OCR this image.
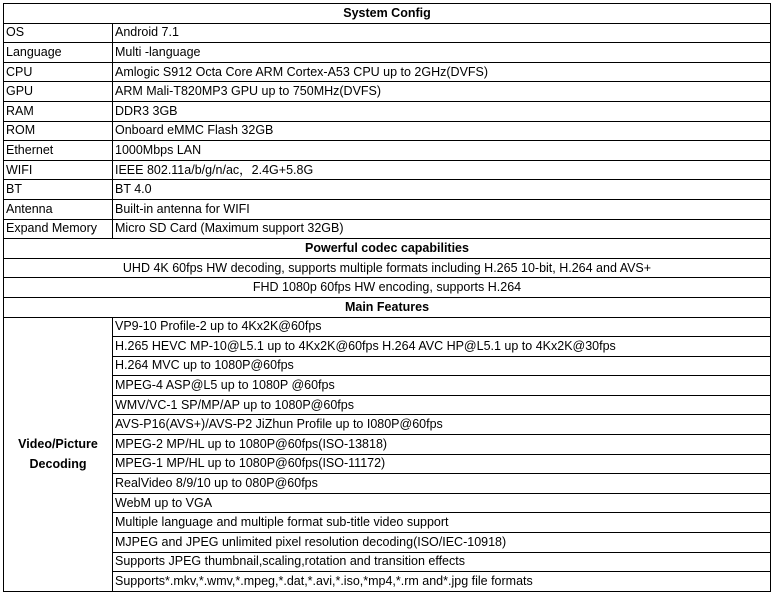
System Config	
OS	Android 7.1
Language	Multi -language
CPU	Amlogic S912 Octa Core ARM Cortex-A53 CPU up to 2GHz(DVFS)
GPU	ARM Mali-T820MP3 GPU up to 750MHz(DVFS)
RAM	DDR3 3GB
ROM	Onboard eMMC Flash 32GB
Ethernet	1000Mbps LAN
WIFI	IEEE 802.11a/b/g/n/ac，2.4G+5.8G
BT	BT 4.0
Antenna	Built-in antenna for WIFI
Expand Memory	Micro SD Card (Maximum support 32GB)
Powerful codec capabilities	
UHD 4K 60fps HW decoding, supports multiple formats including H.265 10-bit, H.264 and AVS+	
FHD 1080p 60fps HW encoding, supports H.264	
Main Features	
Video/Picture Decoding	VP9-10 Profile-2 up to 4Kx2K@60fps
	H.265 HEVC MP-10@L5.1 up to 4Kx2K@60fps H.264 AVC HP@L5.1 up to 4Kx2K@30fps
	H.264 MVC up to 1080P@60fps
	MPEG-4 ASP@L5 up to 1080P @60fps
	WMV/VC-1 SP/MP/AP up to 1080P@60fps
	AVS-P16(AVS+)/AVS-P2 JiZhun Profile up to I080P@60fps
	MPEG-2 MP/HL up to 1080P@60fps(ISO-13818)
	MPEG-1 MP/HL up to 1080P@60fps(ISO-11172)
	RealVideo 8/9/10 up to 080P@60fps
	WebM up to VGA
	Multiple language and multiple format sub-title video support
	MJPEG and JPEG unlimited pixel resolution decoding(ISO/IEC-10918)
	Supports JPEG thumbnail,scaling,rotation and transition effects
	Supports*.mkv,*.wmv,*.mpeg,*.dat,*.avi,*.iso,*mp4,*.rm and*.jpg file formats
